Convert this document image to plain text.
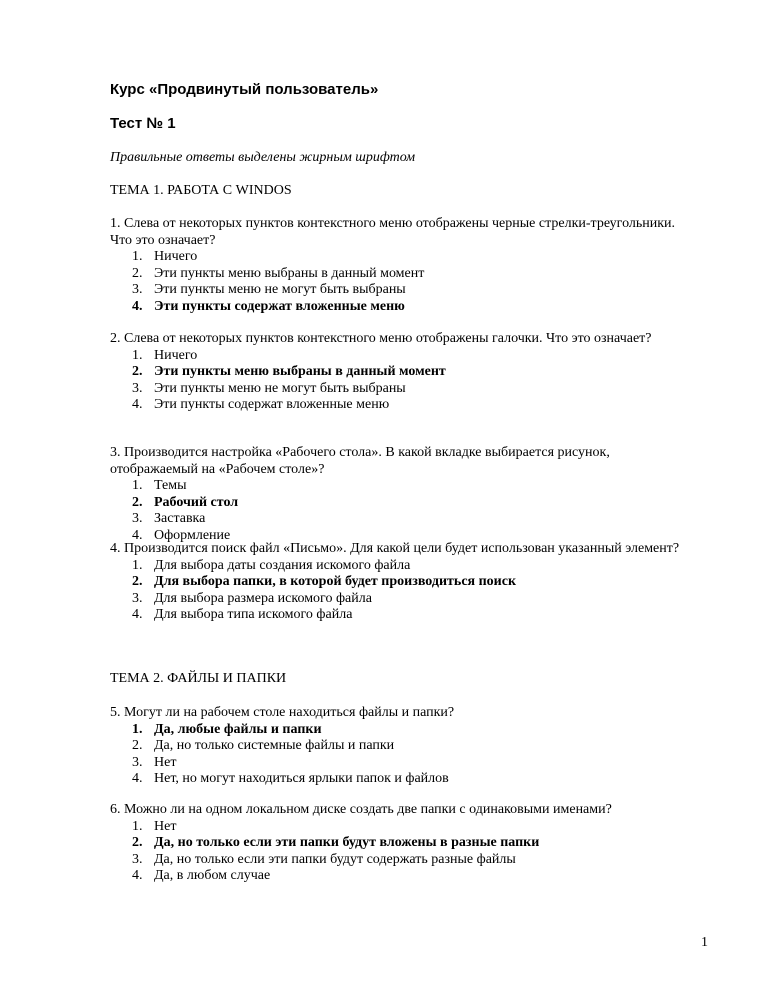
Курс «Продвинутый пользователь»
Тест № 1
Правильные ответы выделены жирным шрифтом
ТЕМА 1. РАБОТА С WINDOS
1. Слева от некоторых пунктов контекстного меню отображены черные стрелки-треугольники. Что это означает?
1. Ничего
2. Эти пункты меню выбраны в данный момент
3. Эти пункты меню не могут быть выбраны
4. Эти пункты содержат вложенные меню
2. Слева от некоторых пунктов контекстного меню отображены галочки. Что это означает?
1. Ничего
2. Эти пункты меню выбраны в данный момент
3. Эти пункты меню не могут быть выбраны
4. Эти пункты содержат вложенные меню
3. Производится настройка «Рабочего стола». В какой вкладке выбирается рисунок, отображаемый на «Рабочем столе»?
1. Темы
2. Рабочий стол
3. Заставка
4. Оформление
4. Производится поиск файл «Письмо». Для какой цели будет использован указанный элемент?
1. Для выбора даты создания искомого файла
2. Для выбора папки, в которой будет производиться поиск
3. Для выбора размера искомого файла
4. Для выбора типа искомого файла
ТЕМА 2. ФАЙЛЫ И ПАПКИ
5. Могут ли на рабочем столе находиться файлы и папки?
1. Да, любые файлы и папки
2. Да, но только системные файлы и папки
3. Нет
4. Нет, но могут находиться ярлыки папок и файлов
6. Можно ли на одном локальном диске создать две папки с одинаковыми именами?
1. Нет
2. Да, но только если эти папки будут вложены в разные папки
3. Да, но только если эти папки будут содержать разные файлы
4. Да, в любом случае
1
